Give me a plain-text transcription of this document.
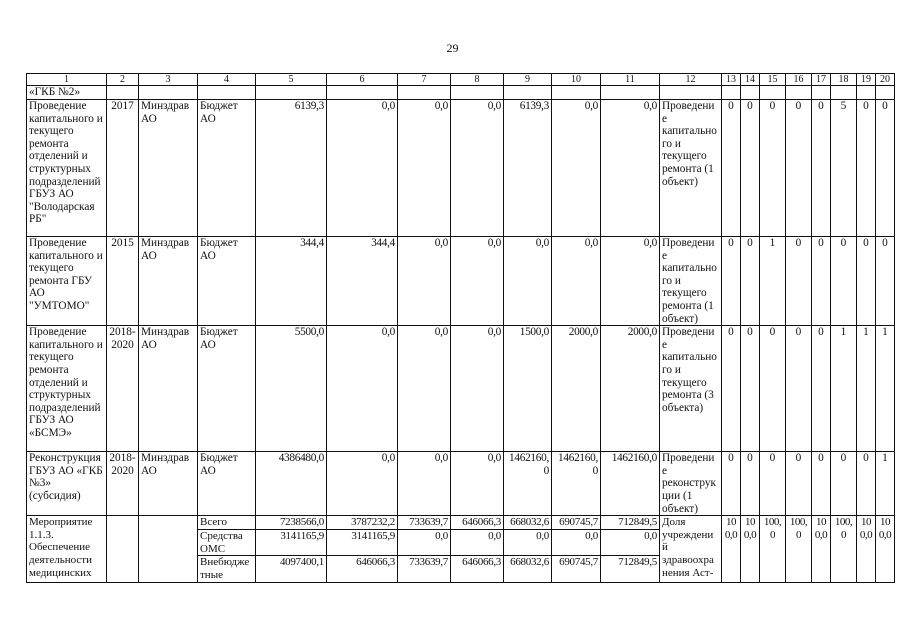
29
1	2	3	4	5	6	7	8	9	10	11	12	13	14	15	16	17	18	19	20
«ГКБ №2»																			
Проведение капитального и текущего ремонта отделений и структурных подразделений ГБУЗ АО "Володарская РБ"	2017	Минздрав АО	Бюджет АО	6139,3	0,0	0,0	0,0	6139,3	0,0	0,0	Проведение капитального и текущего ремонта (1 объект)	0	0	0	0	0	5	0	0
Проведение капитального и текущего ремонта ГБУ АО "УМТОМО"	2015	Минздрав АО	Бюджет АО	344,4	344,4	0,0	0,0	0,0	0,0	0,0	Проведение капитального и текущего ремонта (1 объект)	0	0	1	0	0	0	0	0
Проведение капитального и текущего ремонта отделений и структурных подразделений ГБУЗ АО «БСМЭ»	2018-2020	Минздрав АО	Бюджет АО	5500,0	0,0	0,0	0,0	1500,0	2000,0	2000,0	Проведение капитального и текущего ремонта (3 объекта)	0	0	0	0	0	1	1	1
Реконструкция ГБУЗ АО «ГКБ №3» (субсидия)	2018-2020	Минздрав АО	Бюджет АО	4386480,0	0,0	0,0	0,0	1462160,0	1462160,0	1462160,0	Проведение реконструкции (1 объект)	0	0	0	0	0	0	0	1
Мероприятие 1.1.3. Обеспечение деятельности медицинских			Всего	7238566,0	3787232,2	733639,7	646066,3	668032,6	690745,7	712849,5	Доля учреждений здравоохранения Аст-	100,0	100,0	100,0	100,0	100,0	100,0	100,0	100,0
			Средства ОМС	3141165,9	3141165,9	0,0	0,0	0,0	0,0	0,0									
			Внебюджетные	4097400,1	646066,3	733639,7	646066,3	668032,6	690745,7	712849,5									
